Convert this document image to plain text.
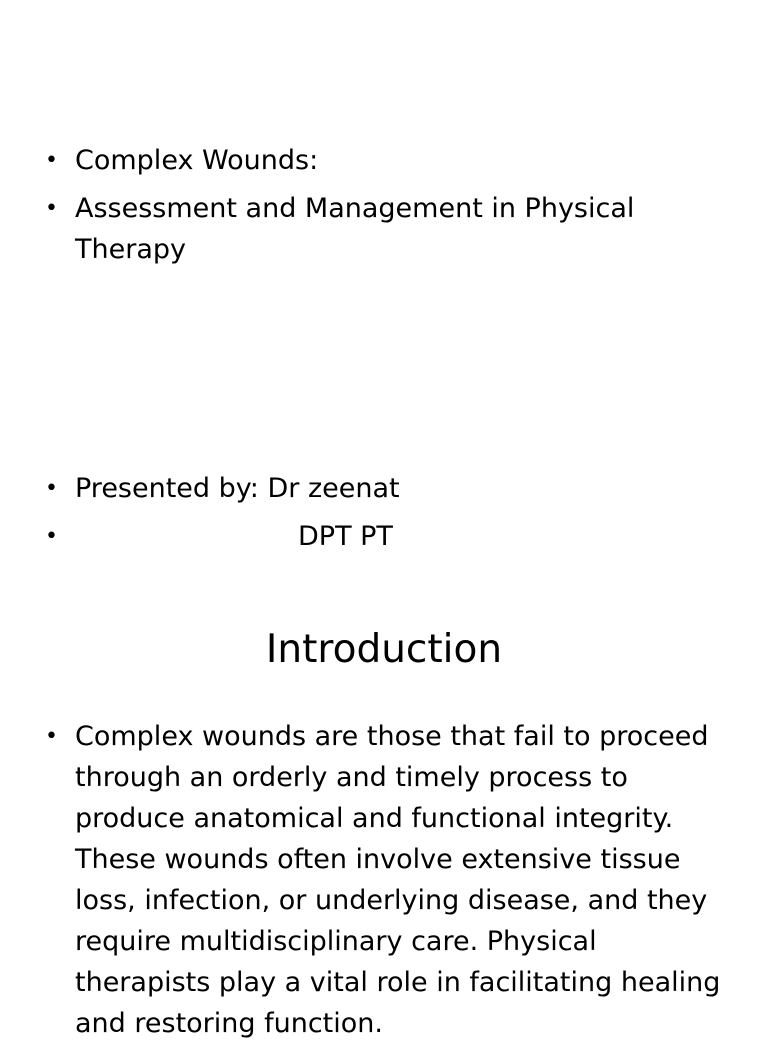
• Complex Wounds:
• Assessment and Management in Physical Therapy
• Presented by: Dr zeenat
•	DPT PT
Introduction
• Complex wounds are those that fail to proceed through an orderly and timely process to produce anatomical and functional integrity. These wounds often involve extensive tissue loss, infection, or underlying disease, and they require multidisciplinary care. Physical therapists play a vital role in facilitating healing and restoring function.
